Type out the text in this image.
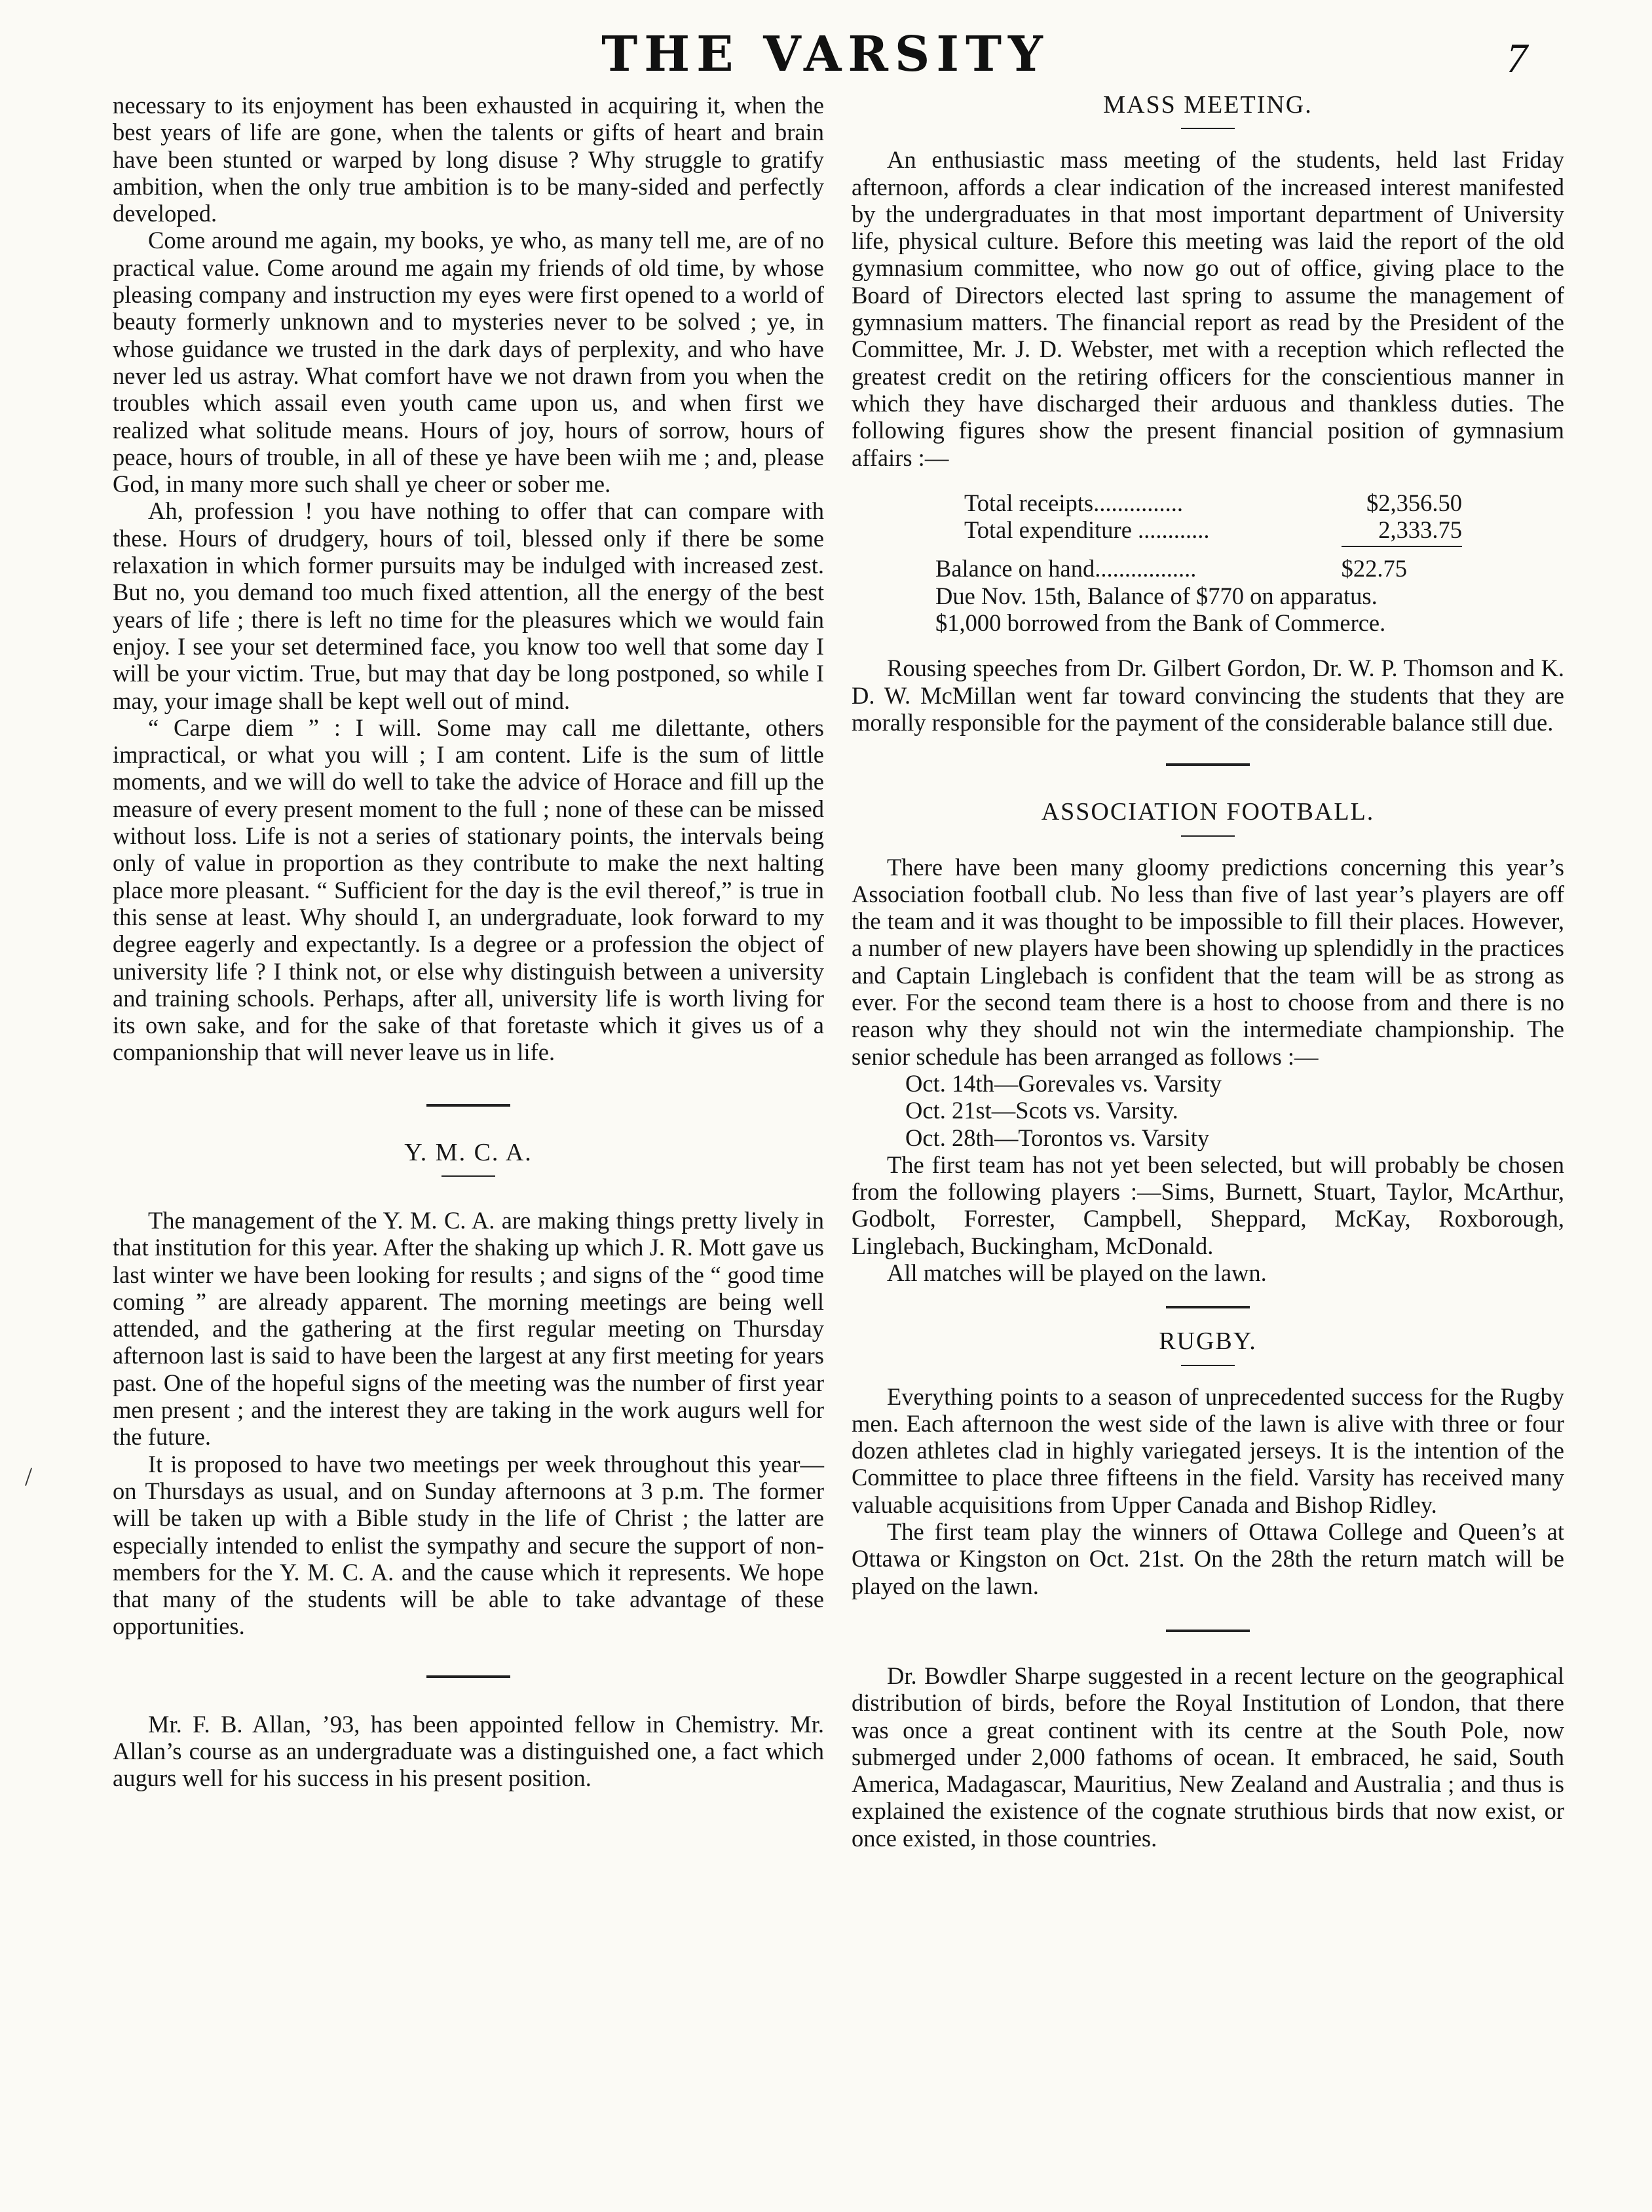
THE VARSITY	7
/

necessary to its enjoyment has been exhausted in acquiring it, when the best years of life are gone, when the talents or gifts of heart and brain have been stunted or warped by long disuse ? Why struggle to gratify ambition, when the only true ambition is to be many-sided and perfectly developed.

Come around me again, my books, ye who, as many tell me, are of no practical value. Come around me again my friends of old time, by whose pleasing company and instruction my eyes were first opened to a world of beauty formerly unknown and to mysteries never to be solved ; ye, in whose guidance we trusted in the dark days of perplexity, and who have never led us astray. What comfort have we not drawn from you when the troubles which assail even youth came upon us, and when first we realized what solitude means. Hours of joy, hours of sorrow, hours of peace, hours of trouble, in all of these ye have been wiih me ; and, please God, in many more such shall ye cheer or sober me.

Ah, profession ! you have nothing to offer that can compare with these. Hours of drudgery, hours of toil, blessed only if there be some relaxation in which former pursuits may be indulged with increased zest. But no, you demand too much fixed attention, all the energy of the best years of life ; there is left no time for the pleasures which we would fain enjoy. I see your set determined face, you know too well that some day I will be your victim. True, but may that day be long postponed, so while I may, your image shall be kept well out of mind.

“ Carpe diem ” : I will. Some may call me dilettante, others impractical, or what you will ; I am content. Life is the sum of little moments, and we will do well to take the advice of Horace and fill up the measure of every present moment to the full ; none of these can be missed without loss. Life is not a series of stationary points, the intervals being only of value in proportion as they contribute to make the next halting place more pleasant. “ Sufficient for the day is the evil thereof,” is true in this sense at least. Why should I, an undergraduate, look forward to my degree eagerly and expectantly. Is a degree or a profession the object of university life ? I think not, or else why distinguish between a university and training schools. Perhaps, after all, university life is worth living for its own sake, and for the sake of that foretaste which it gives us of a companionship that will never leave us in life.

Y. M. C. A.

The management of the Y. M. C. A. are making things pretty lively in that institution for this year. After the shaking up which J. R. Mott gave us last winter we have been looking for results ; and signs of the “ good time coming ” are already apparent. The morning meetings are being well attended, and the gathering at the first regular meeting on Thursday afternoon last is said to have been the largest at any first meeting for years past. One of the hopeful signs of the meeting was the number of first year men present ; and the interest they are taking in the work augurs well for the future.

It is proposed to have two meetings per week throughout this year—on Thursdays as usual, and on Sunday afternoons at 3 p.m. The former will be taken up with a Bible study in the life of Christ ; the latter are especially intended to enlist the sympathy and secure the support of non-members for the Y. M. C. A. and the cause which it represents. We hope that many of the students will be able to take advantage of these opportunities.

Mr. F. B. Allan, ’93, has been appointed fellow in Chemistry. Mr. Allan’s course as an undergraduate was a distinguished one, a fact which augurs well for his success in his present position.

MASS MEETING.

An enthusiastic mass meeting of the students, held last Friday afternoon, affords a clear indication of the increased interest manifested by the undergraduates in that most important department of University life, physical culture. Before this meeting was laid the report of the old gymnasium committee, who now go out of office, giving place to the Board of Directors elected last spring to assume the management of gymnasium matters. The financial report as read by the President of the Committee, Mr. J. D. Webster, met with a reception which reflected the greatest credit on the retiring officers for the conscientious manner in which they have discharged their arduous and thankless duties. The following figures show the present financial position of gymnasium affairs :—

Total receipts...............	$2,356.50
Total expenditure ............	2,333.75
Balance on hand.................	$22.75
Due Nov. 15th, Balance of $770 on apparatus.
$1,000 borrowed from the Bank of Commerce.

Rousing speeches from Dr. Gilbert Gordon, Dr. W. P. Thomson and K. D. W. McMillan went far toward convincing the students that they are morally responsible for the payment of the considerable balance still due.

ASSOCIATION FOOTBALL.

There have been many gloomy predictions concerning this year’s Association football club. No less than five of last year’s players are off the team and it was thought to be impossible to fill their places. However, a number of new players have been showing up splendidly in the practices and Captain Linglebach is confident that the team will be as strong as ever. For the second team there is a host to choose from and there is no reason why they should not win the intermediate championship. The senior schedule has been arranged as follows :—

Oct. 14th—Gorevales vs. Varsity
Oct. 21st—Scots vs. Varsity.
Oct. 28th—Torontos vs. Varsity

The first team has not yet been selected, but will probably be chosen from the following players :—Sims, Burnett, Stuart, Taylor, McArthur, Godbolt, Forrester, Campbell, Sheppard, McKay, Roxborough, Linglebach, Buckingham, McDonald.

All matches will be played on the lawn.

RUGBY.

Everything points to a season of unprecedented success for the Rugby men. Each afternoon the west side of the lawn is alive with three or four dozen athletes clad in highly variegated jerseys. It is the intention of the Committee to place three fifteens in the field. Varsity has received many valuable acquisitions from Upper Canada and Bishop Ridley.

The first team play the winners of Ottawa College and Queen’s at Ottawa or Kingston on Oct. 21st. On the 28th the return match will be played on the lawn.

Dr. Bowdler Sharpe suggested in a recent lecture on the geographical distribution of birds, before the Royal Institution of London, that there was once a great continent with its centre at the South Pole, now submerged under 2,000 fathoms of ocean. It embraced, he said, South America, Madagascar, Mauritius, New Zealand and Australia ; and thus is explained the existence of the cognate struthious birds that now exist, or once existed, in those countries.
